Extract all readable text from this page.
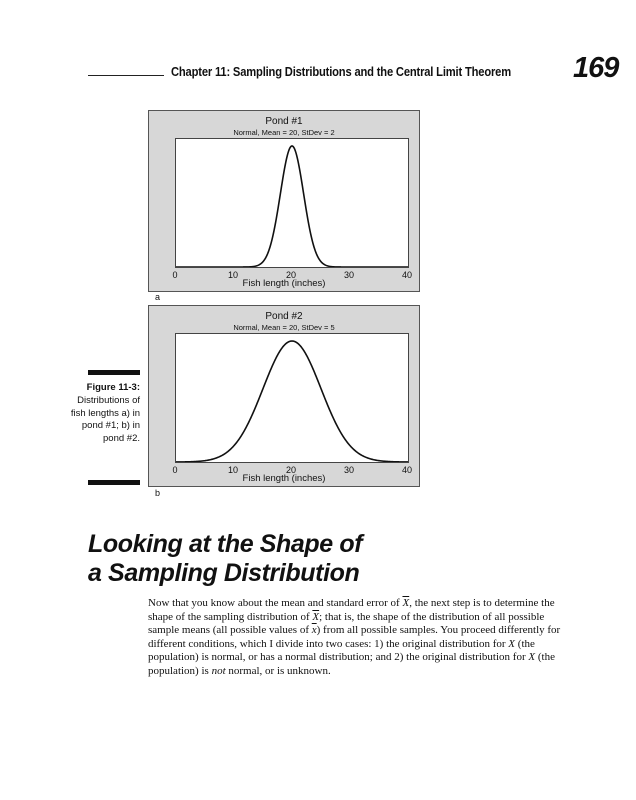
Chapter 11: Sampling Distributions and the Central Limit Theorem 169
Pond #1
Normal, Mean = 20, StDev = 2
0	10	20	30	40
Fish length (inches)
a
Pond #2
Normal, Mean = 20, StDev = 5
0	10	20	30	40
Fish length (inches)
b
Figure 11-3:
Distributions of fish lengths a) in pond #1; b) in pond #2.
Looking at the Shape of
a Sampling Distribution
Now that you know about the mean and standard error of $\overline{X}$, the next step is to determine the shape of the sampling distribution of $\overline{X}$; that is, the shape of the distribution of all possible sample means (all possible values of $\overline{x}$) from all possible samples. You proceed differently for different conditions, which I divide into two cases: 1) the original distribution for X (the population) is normal, or has a normal distribution; and 2) the original distribution for X (the population) is not normal, or is unknown.
